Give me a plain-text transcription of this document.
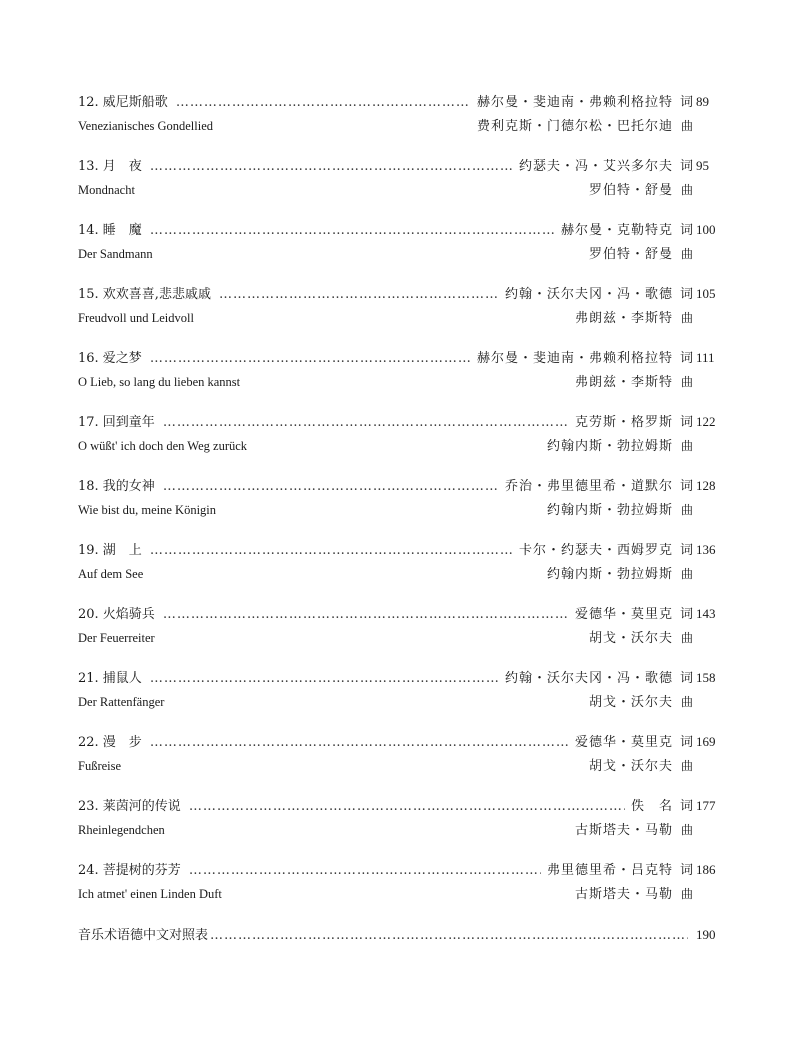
12. 威尼斯船歌 …………………………………………………………………………………………………………………………………………………………………………………………	赫尔曼・斐迪南・弗赖利格拉特 词 89
Venezianisches Gondellied	费利克斯・门德尔松・巴托尔迪 曲
13. 月　夜 …………………………………………………………………………………………………………………………………………………………………………………………	约瑟夫・冯・艾兴多尔夫 词 95
Mondnacht	罗伯特・舒曼 曲
14. 睡　魔 …………………………………………………………………………………………………………………………………………………………………………………………	赫尔曼・克勒特克 词 100
Der Sandmann	罗伯特・舒曼 曲
15. 欢欢喜喜,悲悲戚戚 …………………………………………………………………………………………………………………………………………………………………………………………	约翰・沃尔夫冈・冯・歌德 词 105
Freudvoll und Leidvoll	弗朗兹・李斯特 曲
16. 爱之梦 …………………………………………………………………………………………………………………………………………………………………………………………	赫尔曼・斐迪南・弗赖利格拉特 词 111
O Lieb, so lang du lieben kannst	弗朗兹・李斯特 曲
17. 回到童年 …………………………………………………………………………………………………………………………………………………………………………………………	克劳斯・格罗斯 词 122
O wüßt' ich doch den Weg zurück	约翰内斯・勃拉姆斯 曲
18. 我的女神 …………………………………………………………………………………………………………………………………………………………………………………………	乔治・弗里德里希・道默尔 词 128
Wie bist du, meine Königin	约翰内斯・勃拉姆斯 曲
19. 湖　上 …………………………………………………………………………………………………………………………………………………………………………………………	卡尔・约瑟夫・西姆罗克 词 136
Auf dem See	约翰内斯・勃拉姆斯 曲
20. 火焰骑兵 …………………………………………………………………………………………………………………………………………………………………………………………	爱德华・莫里克 词 143
Der Feuerreiter	胡戈・沃尔夫 曲
21. 捕鼠人 …………………………………………………………………………………………………………………………………………………………………………………………	约翰・沃尔夫冈・冯・歌德 词 158
Der Rattenfänger	胡戈・沃尔夫 曲
22. 漫　步 …………………………………………………………………………………………………………………………………………………………………………………………	爱德华・莫里克 词 169
Fußreise	胡戈・沃尔夫 曲
23. 莱茵河的传说 …………………………………………………………………………………………………………………………………………………………………………………………	佚　名 词 177
Rheinlegendchen	古斯塔夫・马勒 曲
24. 菩提树的芬芳 …………………………………………………………………………………………………………………………………………………………………………………………	弗里德里希・吕克特 词 186
Ich atmet' einen Linden Duft	古斯塔夫・马勒 曲
音乐术语德中文对照表 …………………………………………………………………………………………………………………………………………………………………………………………	190
